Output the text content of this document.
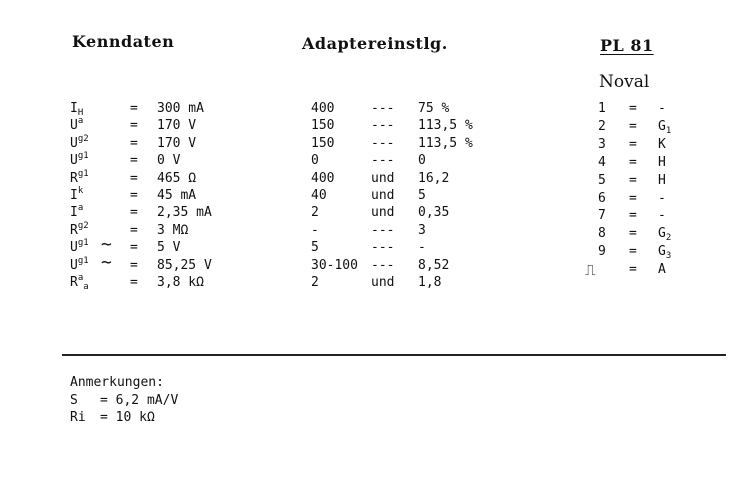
Kenndaten	Adaptereinstlg.	PL 81
Noval
$I_H$	= 300 mA	400	--- 75 %
$U^a$	= 170 V	150	--- 113,5 %
$U^{g2}$	= 170 V	150	--- 113,5 %
$U^{g1}$	= 0 V	0	--- 0
$R^{g1}$	= 465 Ω	400	und 16,2
$I^k$	= 45 mA	40	und 5
$I^a$	= 2,35 mA	2	und 0,35
$R^{g2}$	= 3 MΩ	-	--- 3
$U^{g1}$ ~ = 5 V	5	--- -
$U^{g1}$ ~ = 85,25 V	30-100 --- 8,52
$R^a_a$	= 3,8 kΩ	2	und 1,8
1 = -
$2 = G_1$
3 = K
4 = H
5 = H
6 = -
7 = -
$8 = G_2$
$9 = G_3$
⎍	= A
Anmerkungen:
S = 6,2 mA/V
Ri = 10 kΩ
